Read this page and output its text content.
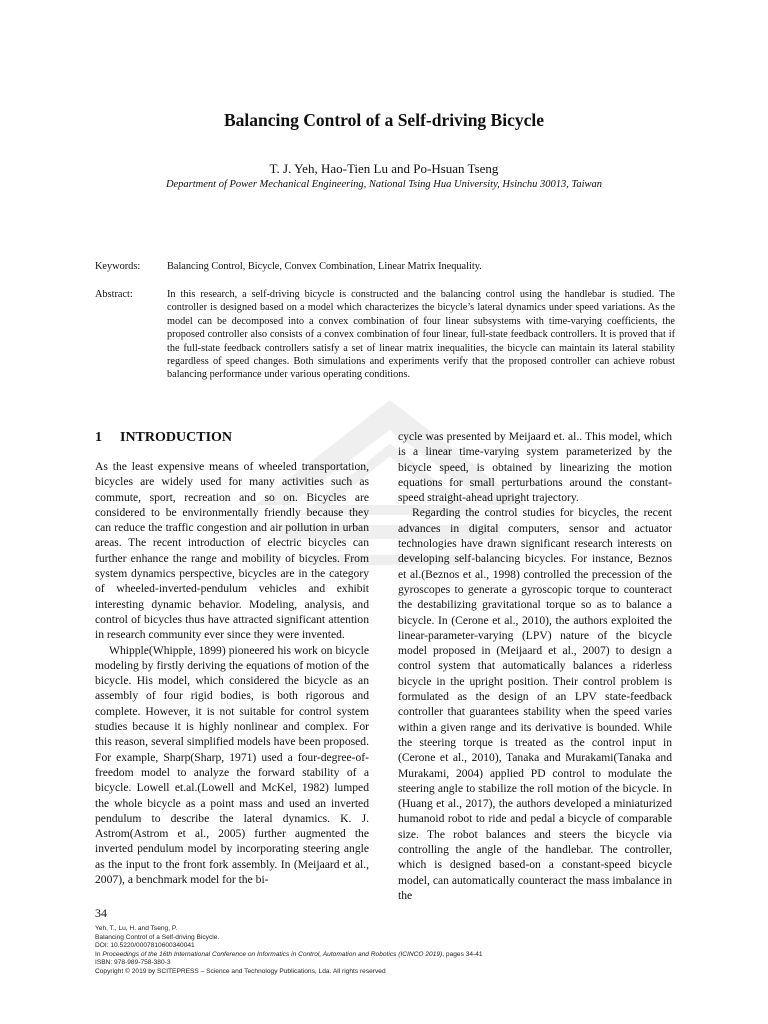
Balancing Control of a Self-driving Bicycle
T. J. Yeh, Hao-Tien Lu and Po-Hsuan Tseng
Department of Power Mechanical Engineering, National Tsing Hua University, Hsinchu 30013, Taiwan
Keywords:	Balancing Control, Bicycle, Convex Combination, Linear Matrix Inequality.
Abstract:	In this research, a self-driving bicycle is constructed and the balancing control using the handlebar is studied. The controller is designed based on a model which characterizes the bicycle’s lateral dynamics under speed variations. As the model can be decomposed into a convex combination of four linear subsystems with time-varying coefficients, the proposed controller also consists of a convex combination of four linear, full-state feedback controllers. It is proved that if the full-state feedback controllers satisfy a set of linear matrix inequalities, the bicycle can maintain its lateral stability regardless of speed changes. Both simulations and experiments verify that the proposed controller can achieve robust balancing performance under various operating conditions.
1 INTRODUCTION

As the least expensive means of wheeled transportation, bicycles are widely used for many activities such as commute, sport, recreation and so on. Bicycles are considered to be environmentally friendly because they can reduce the traffic congestion and air pollution in urban areas. The recent introduction of electric bicycles can further enhance the range and mobility of bicycles. From system dynamics perspective, bicycles are in the category of wheeled-inverted-pendulum vehicles and exhibit interesting dynamic behavior. Modeling, analysis, and control of bicycles thus have attracted significant attention in research community ever since they were invented.

Whipple(Whipple, 1899) pioneered his work on bicycle modeling by firstly deriving the equations of motion of the bicycle. His model, which considered the bicycle as an assembly of four rigid bodies, is both rigorous and complete. However, it is not suitable for control system studies because it is highly nonlinear and complex. For this reason, several simplified models have been proposed. For example, Sharp(Sharp, 1971) used a four-degree-of-freedom model to analyze the forward stability of a bicycle. Lowell et.al.(Lowell and McKel, 1982) lumped the whole bicycle as a point mass and used an inverted pendulum to describe the lateral dynamics. K. J. Astrom(Astrom et al., 2005) further augmented the inverted pendulum model by incorporating steering angle as the input to the front fork assembly. In (Meijaard et al., 2007), a benchmark model for the bi-

cycle was presented by Meijaard et. al.. This model, which is a linear time-varying system parameterized by the bicycle speed, is obtained by linearizing the motion equations for small perturbations around the constant-speed straight-ahead upright trajectory.

Regarding the control studies for bicycles, the recent advances in digital computers, sensor and actuator technologies have drawn significant research interests on developing self-balancing bicycles. For instance, Beznos et al.(Beznos et al., 1998) controlled the precession of the gyroscopes to generate a gyroscopic torque to counteract the destabilizing gravitational torque so as to balance a bicycle. In (Cerone et al., 2010), the authors exploited the linear-parameter-varying (LPV) nature of the bicycle model proposed in (Meijaard et al., 2007) to design a control system that automatically balances a riderless bicycle in the upright position. Their control problem is formulated as the design of an LPV state-feedback controller that guarantees stability when the speed varies within a given range and its derivative is bounded. While the steering torque is treated as the control input in (Cerone et al., 2010), Tanaka and Murakami(Tanaka and Murakami, 2004) applied PD control to modulate the steering angle to stabilize the roll motion of the bicycle. In (Huang et al., 2017), the authors developed a miniaturized humanoid robot to ride and pedal a bicycle of comparable size. The robot balances and steers the bicycle via controlling the angle of the handlebar. The controller, which is designed based-on a constant-speed bicycle model, can automatically counteract the mass imbalance in the

34
Yeh, T., Lu, H. and Tseng, P.
Balancing Control of a Self-driving Bicycle.
DOI: 10.5220/0007810600340041
In Proceedings of the 16th International Conference on Informatics in Control, Automation and Robotics (ICINCO 2019), pages 34-41
ISBN: 978-989-758-380-3
Copyright © 2019 by SCITEPRESS – Science and Technology Publications, Lda. All rights reserved
